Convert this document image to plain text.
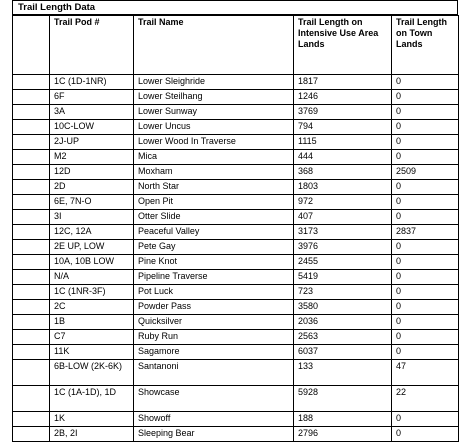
Trail Length Data
	Trail Pod #	Trail Name	Trail Length on Intensive Use Area Lands	Trail Length on Town Lands
	1C (1D-1NR)	Lower Sleighride	1817	0
	6F	Lower Steilhang	1246	0
	3A	Lower Sunway	3769	0
	10C-LOW	Lower Uncus	794	0
	2J-UP	Lower Wood In Traverse	1115	0
	M2	Mica	444	0
	12D	Moxham	368	2509
	2D	North Star	1803	0
	6E, 7N-O	Open Pit	972	0
	3I	Otter Slide	407	0
	12C, 12A	Peaceful Valley	3173	2837
	2E UP, LOW	Pete Gay	3976	0
	10A, 10B LOW	Pine Knot	2455	0
	N/A	Pipeline Traverse	5419	0
	1C (1NR-3F)	Pot Luck	723	0
	2C	Powder Pass	3580	0
	1B	Quicksilver	2036	0
	C7	Ruby Run	2563	0
	11K	Sagamore	6037	0
	6B-LOW (2K-6K)	Santanoni	133	47
	1C (1A-1D), 1D	Showcase	5928	22
	1K	Showoff	188	0
	2B, 2I	Sleeping Bear	2796	0
